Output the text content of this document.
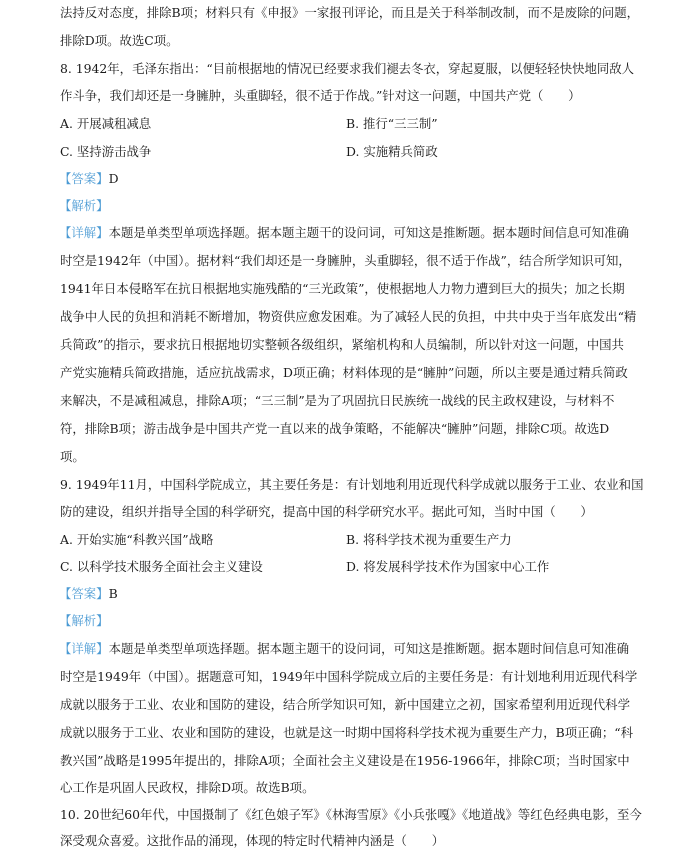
法持反对态度，排除B项；材料只有《申报》一家报刊评论，而且是关于科举制改制，而不是废除的问题，
排除D项。故选C项。
8. 1942年，毛泽东指出：“目前根据地的情况已经要求我们褪去冬衣，穿起夏服，以便轻轻快快地同敌人
作斗争，我们却还是一身臃肿，头重脚轻，很不适于作战。”针对这一问题，中国共产党（　　）
A. 开展减租减息	B. 推行“三三制”
C. 坚持游击战争	D. 实施精兵简政
【答案】D
【解析】
【详解】本题是单类型单项选择题。据本题主题干的设问词，可知这是推断题。据本题时间信息可知准确
时空是1942年（中国）。据材料“我们却还是一身臃肿，头重脚轻，很不适于作战”，结合所学知识可知，
1941年日本侵略军在抗日根据地实施残酷的“三光政策”，使根据地人力物力遭到巨大的损失；加之长期
战争中人民的负担和消耗不断增加，物资供应愈发困难。为了减轻人民的负担，中共中央于当年底发出“精
兵简政”的指示，要求抗日根据地切实整顿各级组织，紧缩机构和人员编制，所以针对这一问题，中国共
产党实施精兵简政措施，适应抗战需求，D项正确；材料体现的是“臃肿”问题，所以主要是通过精兵简政
来解决，不是减租减息，排除A项；“三三制”是为了巩固抗日民族统一战线的民主政权建设，与材料不
符，排除B项；游击战争是中国共产党一直以来的战争策略，不能解决“臃肿”问题，排除C项。故选D
项。
9. 1949年11月，中国科学院成立，其主要任务是：有计划地利用近现代科学成就以服务于工业、农业和国
防的建设，组织并指导全国的科学研究，提高中国的科学研究水平。据此可知，当时中国（　　）
A. 开始实施“科教兴国”战略	B. 将科学技术视为重要生产力
C. 以科学技术服务全面社会主义建设	D. 将发展科学技术作为国家中心工作
【答案】B
【解析】
【详解】本题是单类型单项选择题。据本题主题干的设问词，可知这是推断题。据本题时间信息可知准确
时空是1949年（中国）。据题意可知，1949年中国科学院成立后的主要任务是：有计划地利用近现代科学
成就以服务于工业、农业和国防的建设，结合所学知识可知，新中国建立之初，国家希望利用近现代科学
成就以服务于工业、农业和国防的建设，也就是这一时期中国将科学技术视为重要生产力，B项正确；“科
教兴国”战略是1995年提出的，排除A项；全面社会主义建设是在1956-1966年，排除C项；当时国家中
心工作是巩固人民政权，排除D项。故选B项。
10. 20世纪60年代，中国摄制了《红色娘子军》《林海雪原》《小兵张嘎》《地道战》等红色经典电影，至今
深受观众喜爱。这批作品的涌现，体现的特定时代精神内涵是（　　）
